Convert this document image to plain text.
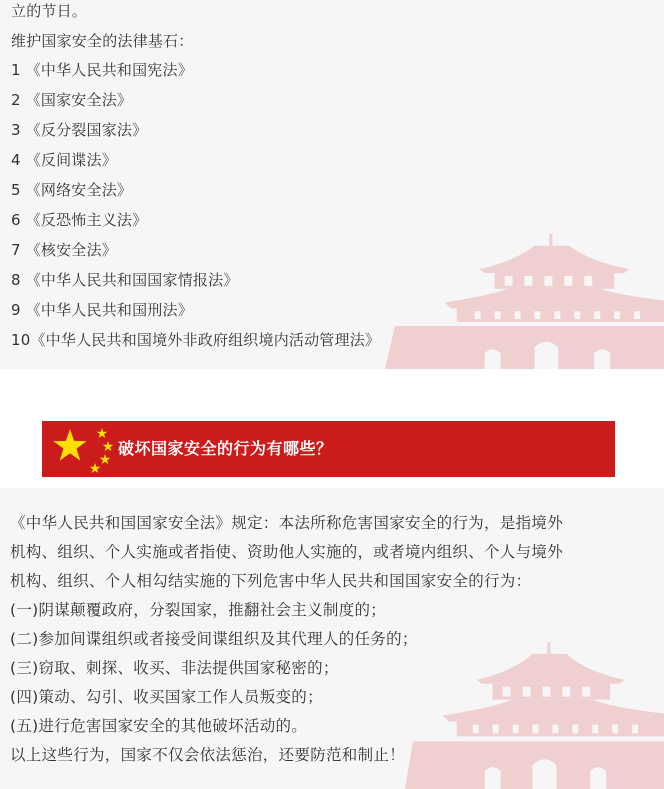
立的节日。
维护国家安全的法律基石：
1 《中华人民共和国宪法》
2 《国家安全法》
3 《反分裂国家法》
4 《反间谍法》
5 《网络安全法》
6 《反恐怖主义法》
7 《核安全法》
8 《中华人民共和国国家情报法》
9 《中华人民共和国刑法》
10《中华人民共和国境外非政府组织境内活动管理法》
破坏国家安全的行为有哪些？
《中华人民共和国国家安全法》规定：本法所称危害国家安全的行为，是指境外
机构、组织、个人实施或者指使、资助他人实施的，或者境内组织、个人与境外
机构、组织、个人相勾结实施的下列危害中华人民共和国国家安全的行为：
(一)阴谋颠覆政府，分裂国家，推翻社会主义制度的；
(二)参加间谍组织或者接受间谍组织及其代理人的任务的；
(三)窃取、刺探、收买、非法提供国家秘密的；
(四)策动、勾引、收买国家工作人员叛变的；
(五)进行危害国家安全的其他破坏活动的。
以上这些行为，国家不仅会依法惩治，还要防范和制止！
